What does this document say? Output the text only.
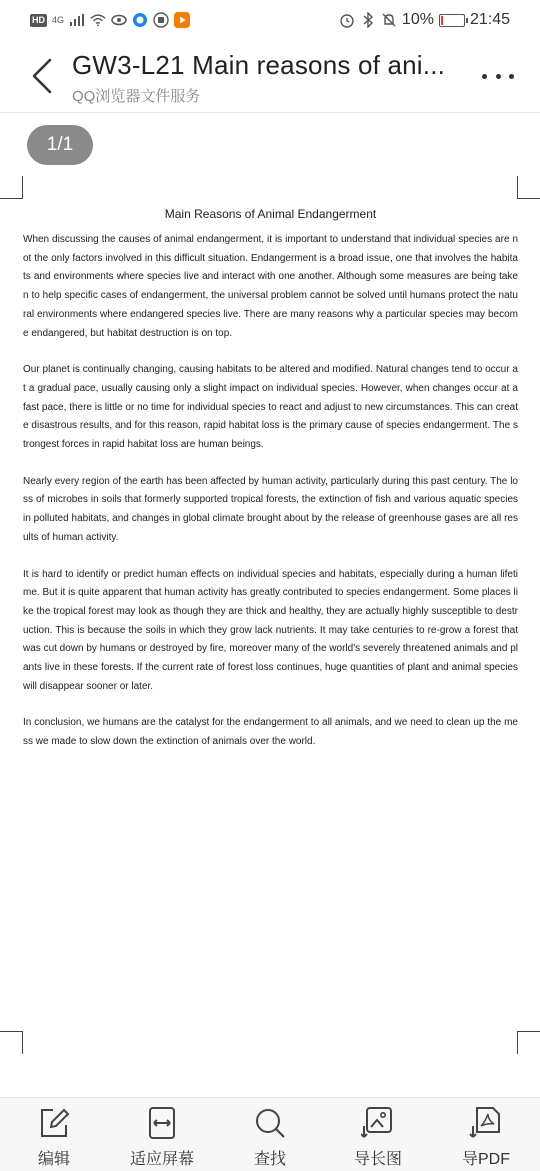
HD 4G	10% 21:45
GW3-L21 Main reasons of ani...
QQ浏览器文件服务
1/1

Main Reasons of Animal Endangerment

When discussing the causes of animal endangerment, it is important to understand that individual species are not the only factors involved in this difficult situation. Endangerment is a broad issue, one that involves the habitats and environments where species live and interact with one another. Although some measures are being taken to help specific cases of endangerment, the universal problem cannot be solved until humans protect the natural environments where endangered species live. There are many reasons why a particular species may become endangered, but habitat destruction is on top.

Our planet is continually changing, causing habitats to be altered and modified. Natural changes tend to occur at a gradual pace, usually causing only a slight impact on individual species. However, when changes occur at a fast pace, there is little or no time for individual species to react and adjust to new circumstances. This can create disastrous results, and for this reason, rapid habitat loss is the primary cause of species endangerment. The strongest forces in rapid habitat loss are human beings.

Nearly every region of the earth has been affected by human activity, particularly during this past century. The loss of microbes in soils that formerly supported tropical forests, the extinction of fish and various aquatic species in polluted habitats, and changes in global climate brought about by the release of greenhouse gases are all results of human activity.

It is hard to identify or predict human effects on individual species and habitats, especially during a human lifetime. But it is quite apparent that human activity has greatly contributed to species endangerment. Some places like the tropical forest may look as though they are thick and healthy, they are actually highly susceptible to destruction. This is because the soils in which they grow lack nutrients. It may take centuries to re-grow a forest that was cut down by humans or destroyed by fire, moreover many of the world's severely threatened animals and plants live in these forests. If the current rate of forest loss continues, huge quantities of plant and animal species will disappear sooner or later.

In conclusion, we humans are the catalyst for the endangerment to all animals, and we need to clean up the mess we made to slow down the extinction of animals over the world.

编辑	适应屏幕	查找	导长图	导PDF
